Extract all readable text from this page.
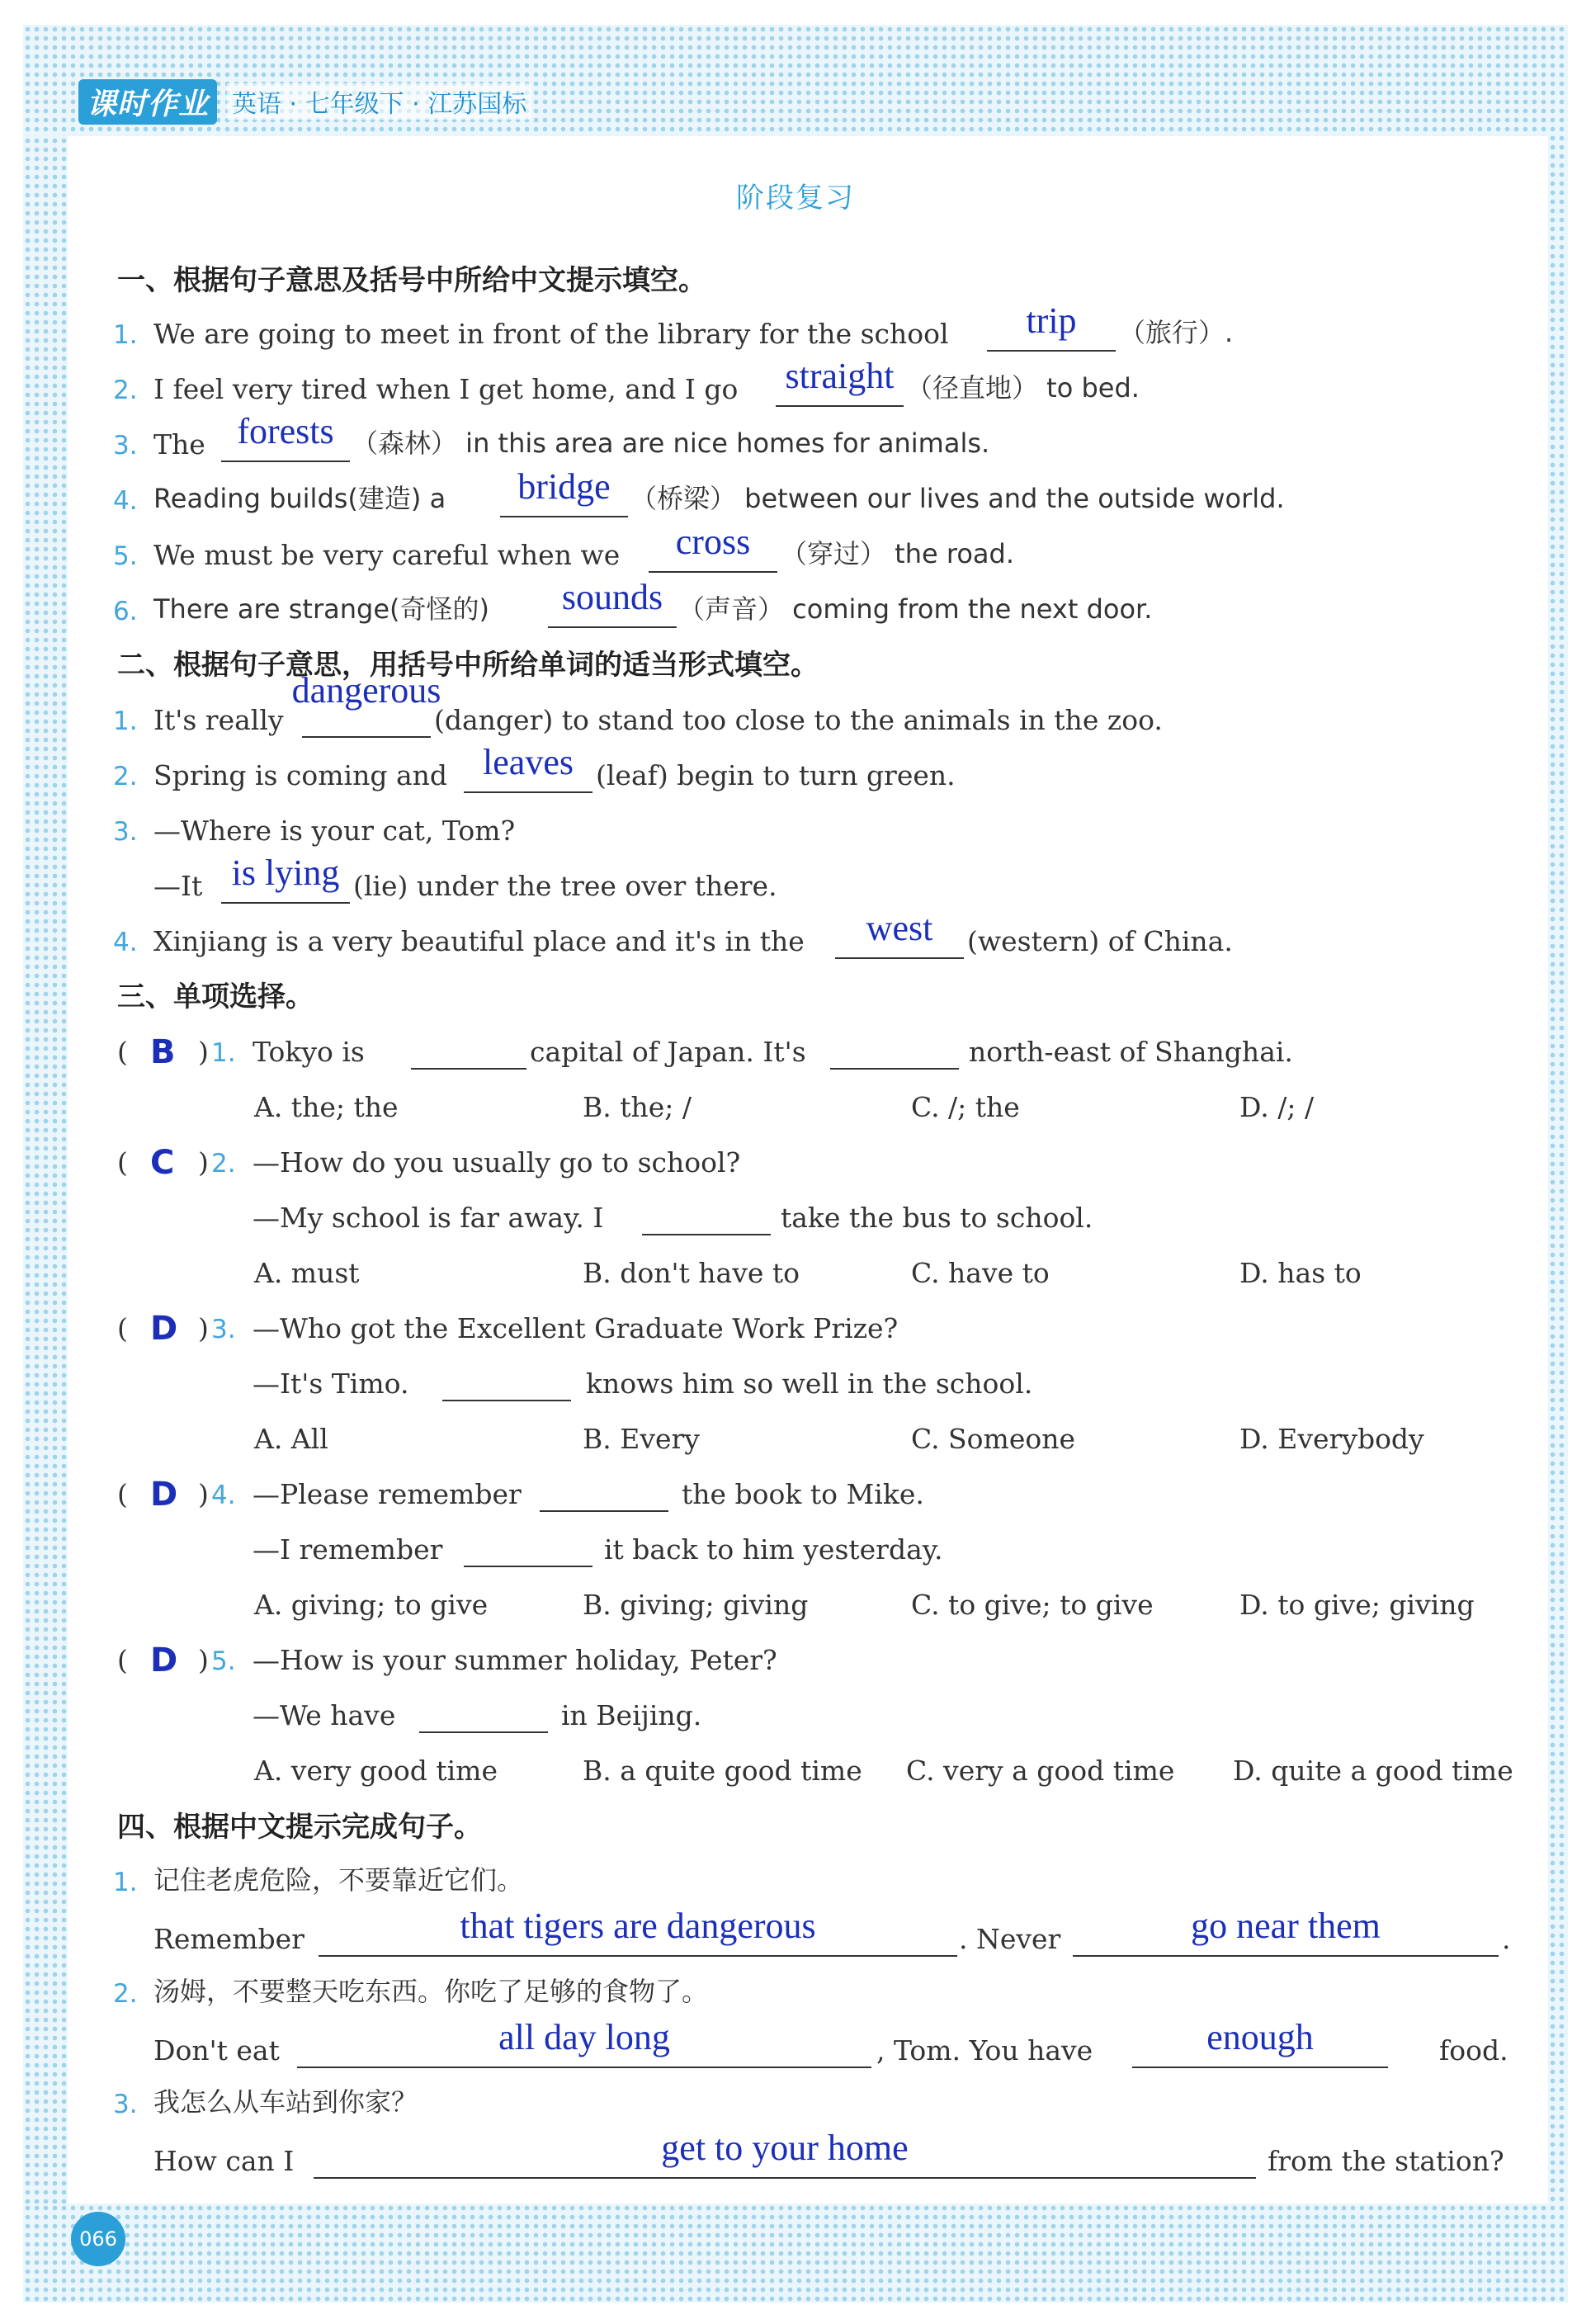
课时作业 英语 · 七年级下 · 江苏国标
阶段复习
一、根据句子意思及括号中所给中文提示填空。
1. We are going to meet in front of the library for the school	trip	（旅行）.
2. I feel very tired when I get home, and I go straight （径直地） to bed.
3. The forests （森林） in this area are nice homes for animals.
4. Reading builds(建造) a	bridge （桥梁） between our lives and the outside world.
5. We must be very careful when we	cross	（穿过） the road.
6. There are strange(奇怪的)	sounds （声音） coming from the next door.
二、根据句子意思，用括号中所给单词的适当形式填空。
1. It's really
dangerous
(danger) to stand too close to the animals in the zoo.
2. Spring is coming and leaves (leaf) begin to turn green.
3. —Where is your cat, Tom?
—It is lying (lie) under the tree over there.
4. Xinjiang is a very beautiful place and it's in the	west	(western) of China.
三、单项选择。
( B ) 1. Tokyo is	capital of Japan. It's	north-east of Shanghai.
A. the; the	B. the; /	C. /; the	D. /; /
( C ) 2. —How do you usually go to school?
—My school is far away. I	take the bus to school.
A. must	B. don't have to	C. have to	D. has to
( D ) 3. —Who got the Excellent Graduate Work Prize?
—It's Timo.	knows him so well in the school.
A. All	B. Every	C. Someone	D. Everybody
( D ) 4. —Please remember	the book to Mike.
—I remember	it back to him yesterday.
A. giving; to give	B. giving; giving	C. to give; to give	D. to give; giving
( D ) 5. —How is your summer holiday, Peter?
—We have	in Beijing.
A. very good time	B. a quite good time C. very a good time D. quite a good time
四、根据中文提示完成句子。
1. 记住老虎危险，不要靠近它们。
Remember	that tigers are dangerous	. Never	go near them	.
2. 汤姆，不要整天吃东西。你吃了足够的食物了。
Don't eat	all day long	, Tom. You have	enough	food.
3. 我怎么从车站到你家？
How can I	get to your home	from the station?
066
